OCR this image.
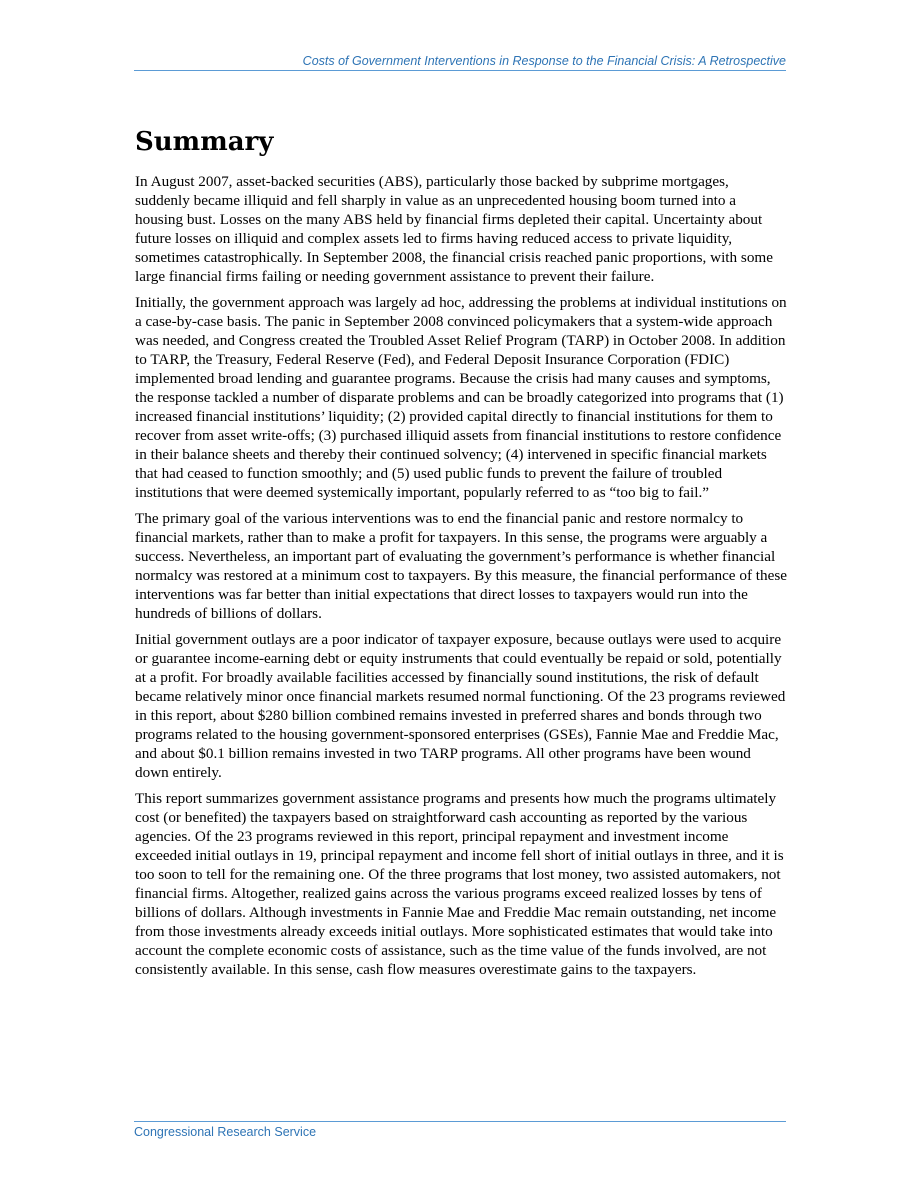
Costs of Government Interventions in Response to the Financial Crisis: A Retrospective
Summary

In August 2007, asset-backed securities (ABS), particularly those backed by subprime mortgages, suddenly became illiquid and fell sharply in value as an unprecedented housing boom turned into a housing bust. Losses on the many ABS held by financial firms depleted their capital. Uncertainty about future losses on illiquid and complex assets led to firms having reduced access to private liquidity, sometimes catastrophically. In September 2008, the financial crisis reached panic proportions, with some large financial firms failing or needing government assistance to prevent their failure.

Initially, the government approach was largely ad hoc, addressing the problems at individual institutions on a case-by-case basis. The panic in September 2008 convinced policymakers that a system-wide approach was needed, and Congress created the Troubled Asset Relief Program (TARP) in October 2008. In addition to TARP, the Treasury, Federal Reserve (Fed), and Federal Deposit Insurance Corporation (FDIC) implemented broad lending and guarantee programs. Because the crisis had many causes and symptoms, the response tackled a number of disparate problems and can be broadly categorized into programs that (1) increased financial institutions’ liquidity; (2) provided capital directly to financial institutions for them to recover from asset write-offs; (3) purchased illiquid assets from financial institutions to restore confidence in their balance sheets and thereby their continued solvency; (4) intervened in specific financial markets that had ceased to function smoothly; and (5) used public funds to prevent the failure of troubled institutions that were deemed systemically important, popularly referred to as “too big to fail.”

The primary goal of the various interventions was to end the financial panic and restore normalcy to financial markets, rather than to make a profit for taxpayers. In this sense, the programs were arguably a success. Nevertheless, an important part of evaluating the government’s performance is whether financial normalcy was restored at a minimum cost to taxpayers. By this measure, the financial performance of these interventions was far better than initial expectations that direct losses to taxpayers would run into the hundreds of billions of dollars.

Initial government outlays are a poor indicator of taxpayer exposure, because outlays were used to acquire or guarantee income-earning debt or equity instruments that could eventually be repaid or sold, potentially at a profit. For broadly available facilities accessed by financially sound institutions, the risk of default became relatively minor once financial markets resumed normal functioning. Of the 23 programs reviewed in this report, about $280 billion combined remains invested in preferred shares and bonds through two programs related to the housing government-sponsored enterprises (GSEs), Fannie Mae and Freddie Mac, and about $0.1 billion remains invested in two TARP programs. All other programs have been wound down entirely.

This report summarizes government assistance programs and presents how much the programs ultimately cost (or benefited) the taxpayers based on straightforward cash accounting as reported by the various agencies. Of the 23 programs reviewed in this report, principal repayment and investment income exceeded initial outlays in 19, principal repayment and income fell short of initial outlays in three, and it is too soon to tell for the remaining one. Of the three programs that lost money, two assisted automakers, not financial firms. Altogether, realized gains across the various programs exceed realized losses by tens of billions of dollars. Although investments in Fannie Mae and Freddie Mac remain outstanding, net income from those investments already exceeds initial outlays. More sophisticated estimates that would take into account the complete economic costs of assistance, such as the time value of the funds involved, are not consistently available. In this sense, cash flow measures overestimate gains to the taxpayers.

Congressional Research Service
